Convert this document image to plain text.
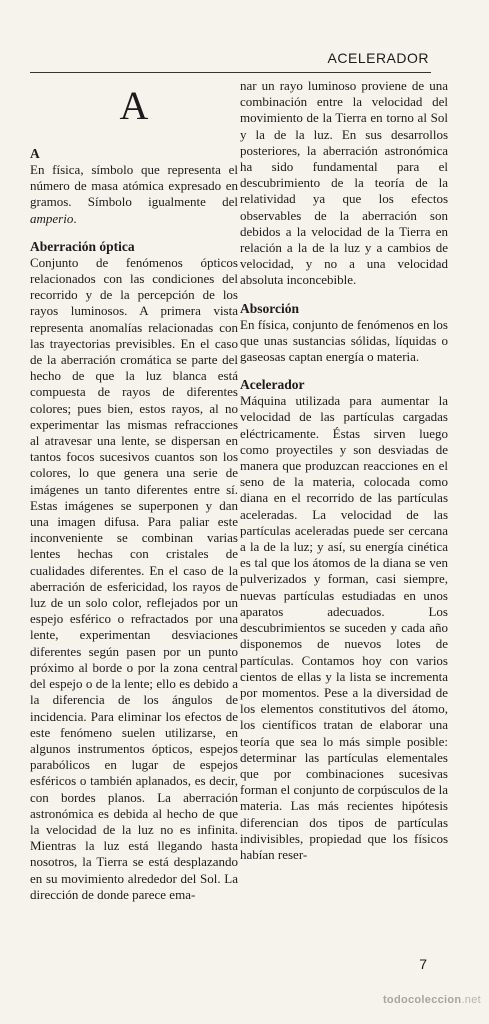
ACELERADOR
A

A

En física, símbolo que representa el número de masa atómica expresado en gramos. Símbolo igualmente del amperio.

Aberración óptica

Conjunto de fenómenos ópticos relacionados con las condiciones del recorrido y de la percepción de los rayos luminosos. A primera vista representa anomalías relacionadas con las trayectorias previsibles. En el caso de la aberración cromática se parte del hecho de que la luz blanca está compuesta de rayos de diferentes colores; pues bien, estos rayos, al no experimentar las mismas refracciones al atravesar una lente, se dispersan en tantos focos sucesivos cuantos son los colores, lo que genera una serie de imágenes un tanto diferentes entre sí. Estas imágenes se superponen y dan una imagen difusa. Para paliar este inconveniente se combinan varias lentes hechas con cristales de cualidades diferentes. En el caso de la aberración de esfericidad, los rayos de luz de un solo color, reflejados por un espejo esférico o refractados por una lente, experimentan desviaciones diferentes según pasen por un punto próximo al borde o por la zona central del espejo o de la lente; ello es debido a la diferencia de los ángulos de incidencia. Para eliminar los efectos de este fenómeno suelen utilizarse, en algunos instrumentos ópticos, espejos parabólicos en lugar de espejos esféricos o también aplanados, es decir, con bordes planos. La aberración astronómica es debida al hecho de que la velocidad de la luz no es infinita. Mientras la luz está llegando hasta nosotros, la Tierra se está desplazando en su movimiento alrededor del Sol. La dirección de donde parece ema-

nar un rayo luminoso proviene de una combinación entre la velocidad del movimiento de la Tierra en torno al Sol y la de la luz. En sus desarrollos posteriores, la aberración astronómica ha sido fundamental para el descubrimiento de la teoría de la relatividad ya que los efectos observables de la aberración son debidos a la velocidad de la Tierra en relación a la de la luz y a cambios de velocidad, y no a una velocidad absoluta inconcebible.

Absorción

En física, conjunto de fenómenos en los que unas sustancias sólidas, líquidas o gaseosas captan energía o materia.

Acelerador

Máquina utilizada para aumentar la velocidad de las partículas cargadas eléctricamente. Éstas sirven luego como proyectiles y son desviadas de manera que produzcan reacciones en el seno de la materia, colocada como diana en el recorrido de las partículas aceleradas. La velocidad de las partículas aceleradas puede ser cercana a la de la luz; y así, su energía cinética es tal que los átomos de la diana se ven pulverizados y forman, casi siempre, nuevas partículas estudiadas en unos aparatos adecuados. Los descubrimientos se suceden y cada año disponemos de nuevos lotes de partículas. Contamos hoy con varios cientos de ellas y la lista se incrementa por momentos. Pese a la diversidad de los elementos constitutivos del átomo, los científicos tratan de elaborar una teoría que sea lo más simple posible: determinar las partículas elementales que por combinaciones sucesivas forman el conjunto de corpúsculos de la materia. Las más recientes hipótesis diferencian dos tipos de partículas indivisibles, propiedad que los físicos habían reser-

7
todocoleccion.net
